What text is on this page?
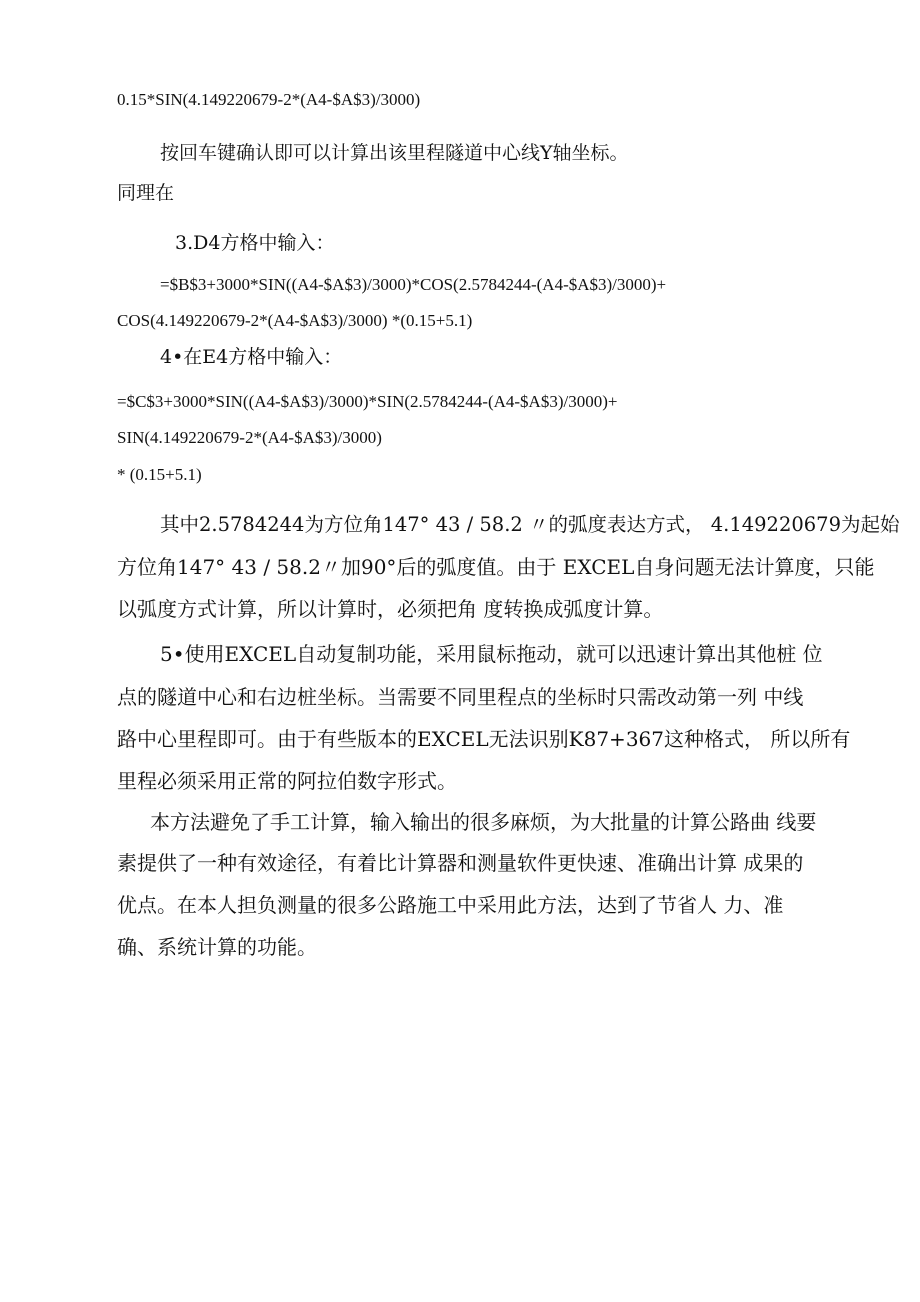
0.15*SIN(4.149220679-2*(A4-$A$3)/3000)
按回车键确认即可以计算出该里程隧道中心线Y轴坐标。
同理在
3.D4方格中输入：
=$B$3+3000*SIN((A4-$A$3)/3000)*COS(2.5784244-(A4-$A$3)/3000)+
COS(4.149220679-2*(A4-$A$3)/3000) *(0.15+5.1)
4•在E4方格中输入：
=$C$3+3000*SIN((A4-$A$3)/3000)*SIN(2.5784244-(A4-$A$3)/3000)+
SIN(4.149220679-2*(A4-$A$3)/3000)
* (0.15+5.1)
其中2.5784244为方位角147° 43 / 58.2 〃的弧度表达方式， 4.149220679为起始
方位角147° 43 / 58.2〃加90°后的弧度值。由于 EXCEL自身问题无法计算度，只能
以弧度方式计算，所以计算时，必须把角 度转换成弧度计算。
5•使用EXCEL自动复制功能，采用鼠标拖动，就可以迅速计算出其他桩 位
点的隧道中心和右边桩坐标。当需要不同里程点的坐标时只需改动第一列 中线
路中心里程即可。由于有些版本的EXCEL无法识别K87+367这种格式， 所以所有
里程必须采用正常的阿拉伯数字形式。
本方法避免了手工计算，输入输出的很多麻烦，为大批量的计算公路曲 线要
素提供了一种有效途径，有着比计算器和测量软件更快速、准确出计算 成果的
优点。在本人担负测量的很多公路施工中采用此方法，达到了节省人 力、准
确、系统计算的功能。
